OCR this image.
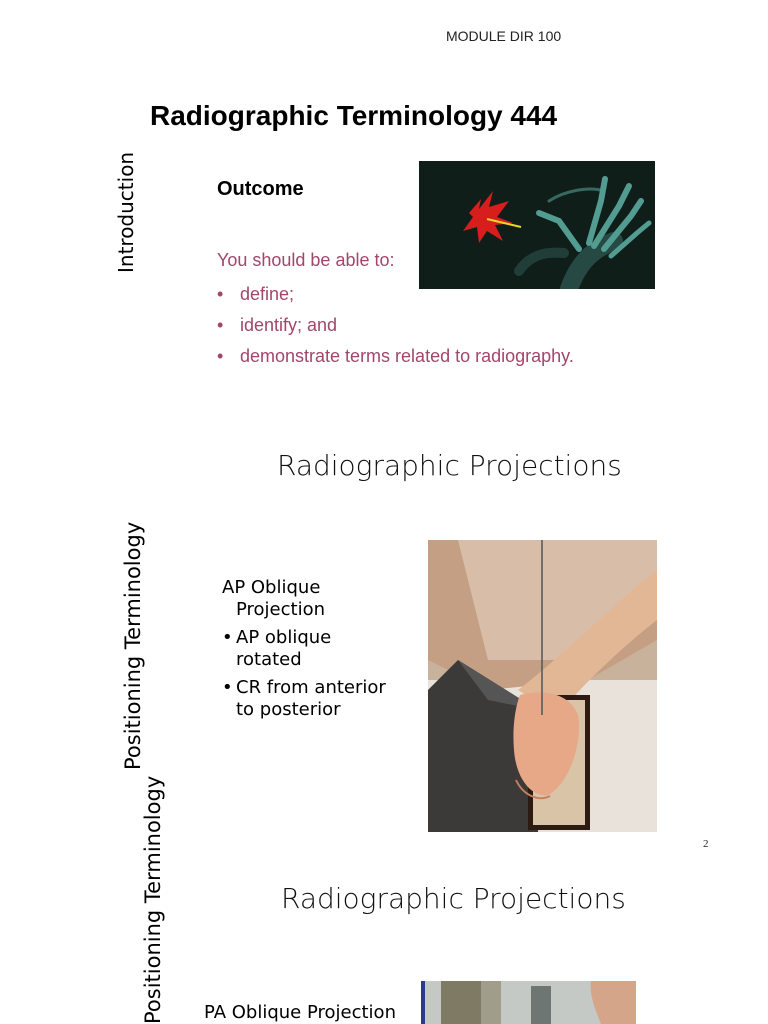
MODULE DIR 100
Radiographic Terminology 444
Introduction	Outcome
You should be able to:
• define;
• identify; and
• demonstrate terms related to radiography.
Radiographic Projections
Positioning Terminology	AP Oblique
Projection
• AP oblique rotated
• CR from anterior to posterior
2
Radiographic Projections
Positioning Terminology PA Oblique Projection
